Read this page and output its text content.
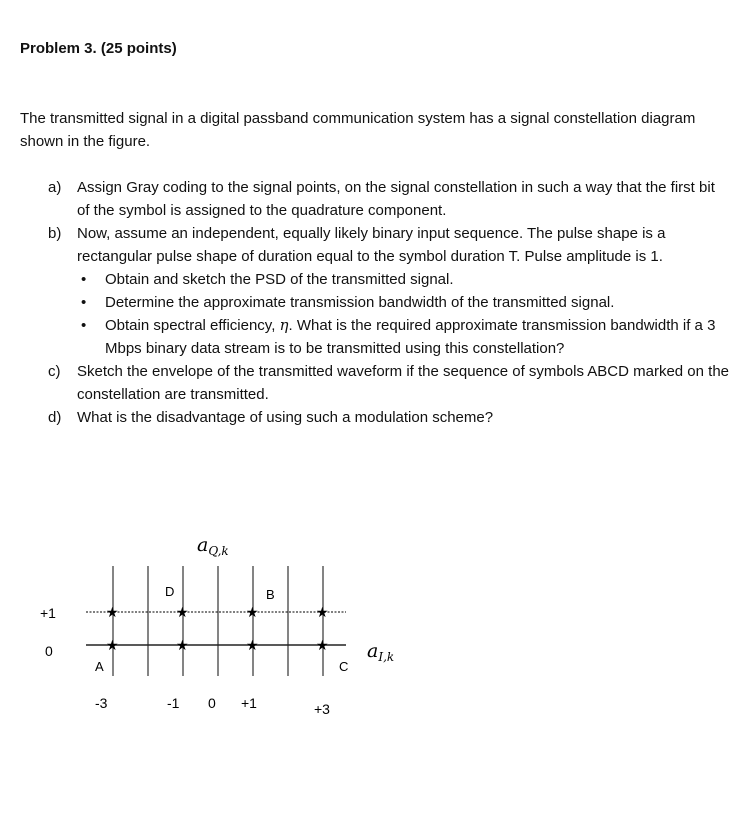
Problem 3. (25 points)
The transmitted signal in a digital passband communication system has a signal constellation diagram shown in the figure.
a) Assign Gray coding to the signal points, on the signal constellation in such a way that the first bit of the symbol is assigned to the quadrature component.
b) Now, assume an independent, equally likely binary input sequence. The pulse shape is a rectangular pulse shape of duration equal to the symbol duration T. Pulse amplitude is 1.
• Obtain and sketch the PSD of the transmitted signal.
• Determine the approximate transmission bandwidth of the transmitted signal.
• Obtain spectral efficiency, η. What is the required approximate transmission bandwidth if a 3 Mbps binary data stream is to be transmitted using this constellation?
c) Sketch the envelope of the transmitted waveform if the sequence of symbols ABCD marked on the constellation are transmitted.
d) What is the disadvantage of using such a modulation scheme?
$a_{Q,k}$
$a_{I,k}$
+1
0
-3	-1 0 +1	+3
A
B
C
D
★	★	★	★
★	★	★	★
